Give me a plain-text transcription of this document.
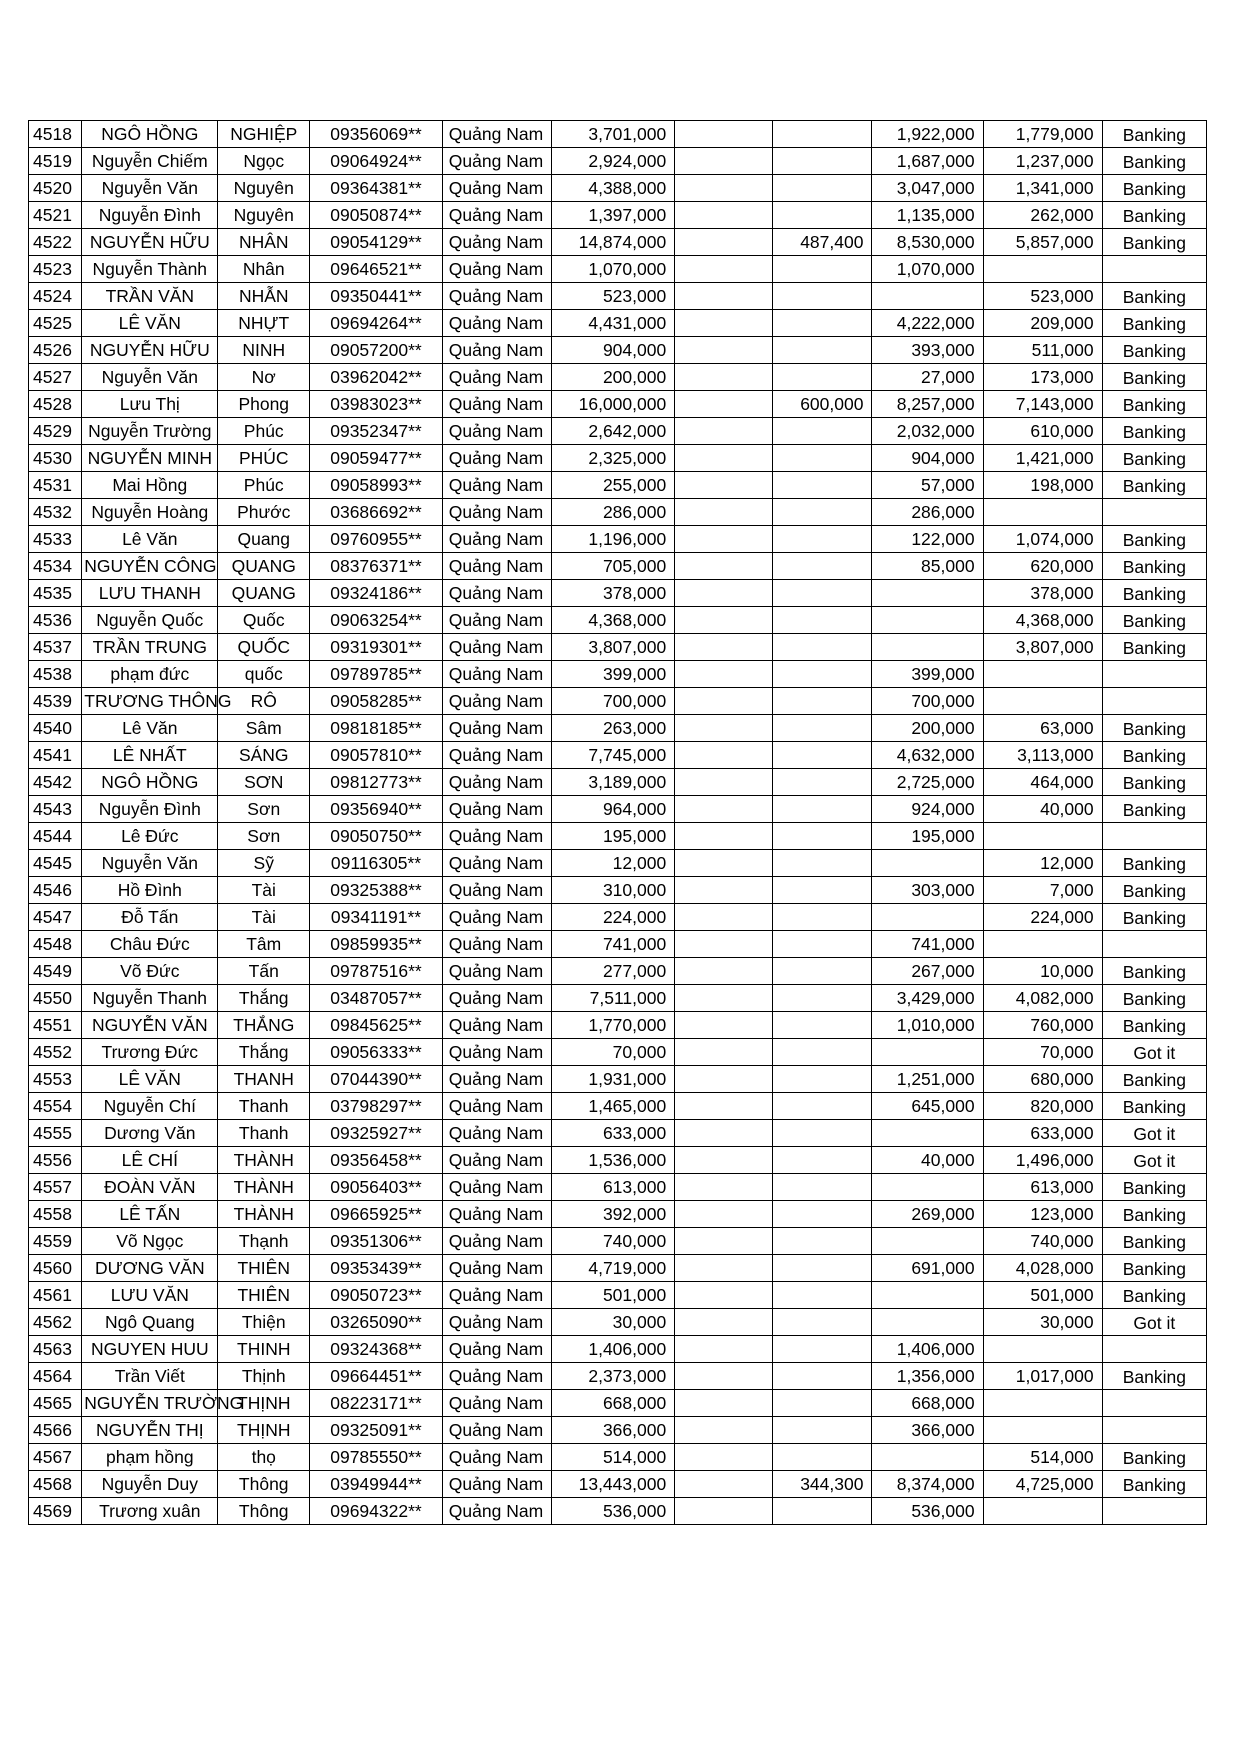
4518	NGÔ HỒNG	NGHIỆP	09356069**	Quảng Nam	3,701,000			1,922,000	1,779,000	Banking
4519	Nguyễn Chiếm	Ngọc	09064924**	Quảng Nam	2,924,000			1,687,000	1,237,000	Banking
4520	Nguyễn Văn	Nguyên	09364381**	Quảng Nam	4,388,000			3,047,000	1,341,000	Banking
4521	Nguyễn Đình	Nguyên	09050874**	Quảng Nam	1,397,000			1,135,000	262,000	Banking
4522	NGUYỄN HỮU	NHÂN	09054129**	Quảng Nam	14,874,000		487,400	8,530,000	5,857,000	Banking
4523	Nguyễn Thành	Nhân	09646521**	Quảng Nam	1,070,000			1,070,000		
4524	TRẦN VĂN	NHẪN	09350441**	Quảng Nam	523,000				523,000	Banking
4525	LÊ VĂN	NHỰT	09694264**	Quảng Nam	4,431,000			4,222,000	209,000	Banking
4526	NGUYỄN HỮU	NINH	09057200**	Quảng Nam	904,000			393,000	511,000	Banking
4527	Nguyễn Văn	Nơ	03962042**	Quảng Nam	200,000			27,000	173,000	Banking
4528	Lưu Thị	Phong	03983023**	Quảng Nam	16,000,000		600,000	8,257,000	7,143,000	Banking
4529	Nguyễn Trường	Phúc	09352347**	Quảng Nam	2,642,000			2,032,000	610,000	Banking
4530	NGUYỄN MINH	PHÚC	09059477**	Quảng Nam	2,325,000			904,000	1,421,000	Banking
4531	Mai Hồng	Phúc	09058993**	Quảng Nam	255,000			57,000	198,000	Banking
4532	Nguyễn Hoàng	Phước	03686692**	Quảng Nam	286,000			286,000		
4533	Lê Văn	Quang	09760955**	Quảng Nam	1,196,000			122,000	1,074,000	Banking
4534	NGUYỄN CÔNG	QUANG	08376371**	Quảng Nam	705,000			85,000	620,000	Banking
4535	LƯU THANH	QUANG	09324186**	Quảng Nam	378,000				378,000	Banking
4536	Nguyễn Quốc	Quốc	09063254**	Quảng Nam	4,368,000				4,368,000	Banking
4537	TRẦN TRUNG	QUỐC	09319301**	Quảng Nam	3,807,000				3,807,000	Banking
4538	phạm đức	quốc	09789785**	Quảng Nam	399,000			399,000		
4539	TRƯƠNG THÔNG	RÔ	09058285**	Quảng Nam	700,000			700,000		
4540	Lê Văn	Sâm	09818185**	Quảng Nam	263,000			200,000	63,000	Banking
4541	LÊ NHẤT	SÁNG	09057810**	Quảng Nam	7,745,000			4,632,000	3,113,000	Banking
4542	NGÔ HỒNG	SƠN	09812773**	Quảng Nam	3,189,000			2,725,000	464,000	Banking
4543	Nguyễn Đình	Sơn	09356940**	Quảng Nam	964,000			924,000	40,000	Banking
4544	Lê Đức	Sơn	09050750**	Quảng Nam	195,000			195,000		
4545	Nguyễn Văn	Sỹ	09116305**	Quảng Nam	12,000				12,000	Banking
4546	Hồ Đình	Tài	09325388**	Quảng Nam	310,000			303,000	7,000	Banking
4547	Đỗ Tấn	Tài	09341191**	Quảng Nam	224,000				224,000	Banking
4548	Châu Đức	Tâm	09859935**	Quảng Nam	741,000			741,000		
4549	Võ Đức	Tấn	09787516**	Quảng Nam	277,000			267,000	10,000	Banking
4550	Nguyễn Thanh	Thắng	03487057**	Quảng Nam	7,511,000			3,429,000	4,082,000	Banking
4551	NGUYỄN VĂN	THẮNG	09845625**	Quảng Nam	1,770,000			1,010,000	760,000	Banking
4552	Trương Đức	Thắng	09056333**	Quảng Nam	70,000				70,000	Got it
4553	LÊ VĂN	THANH	07044390**	Quảng Nam	1,931,000			1,251,000	680,000	Banking
4554	Nguyễn Chí	Thanh	03798297**	Quảng Nam	1,465,000			645,000	820,000	Banking
4555	Dương Văn	Thanh	09325927**	Quảng Nam	633,000				633,000	Got it
4556	LÊ CHÍ	THÀNH	09356458**	Quảng Nam	1,536,000			40,000	1,496,000	Got it
4557	ĐOÀN VĂN	THÀNH	09056403**	Quảng Nam	613,000				613,000	Banking
4558	LÊ TẤN	THÀNH	09665925**	Quảng Nam	392,000			269,000	123,000	Banking
4559	Võ Ngọc	Thạnh	09351306**	Quảng Nam	740,000				740,000	Banking
4560	DƯƠNG VĂN	THIÊN	09353439**	Quảng Nam	4,719,000			691,000	4,028,000	Banking
4561	LƯU VĂN	THIÊN	09050723**	Quảng Nam	501,000				501,000	Banking
4562	Ngô Quang	Thiện	03265090**	Quảng Nam	30,000				30,000	Got it
4563	NGUYEN HUU	THINH	09324368**	Quảng Nam	1,406,000			1,406,000		
4564	Trần Viết	Thịnh	09664451**	Quảng Nam	2,373,000			1,356,000	1,017,000	Banking
4565	NGUYỄN TRƯỜNG	THỊNH	08223171**	Quảng Nam	668,000			668,000		
4566	NGUYỄN THỊ	THỊNH	09325091**	Quảng Nam	366,000			366,000		
4567	phạm hồng	thọ	09785550**	Quảng Nam	514,000				514,000	Banking
4568	Nguyễn Duy	Thông	03949944**	Quảng Nam	13,443,000		344,300	8,374,000	4,725,000	Banking
4569	Trương xuân	Thông	09694322**	Quảng Nam	536,000			536,000		
